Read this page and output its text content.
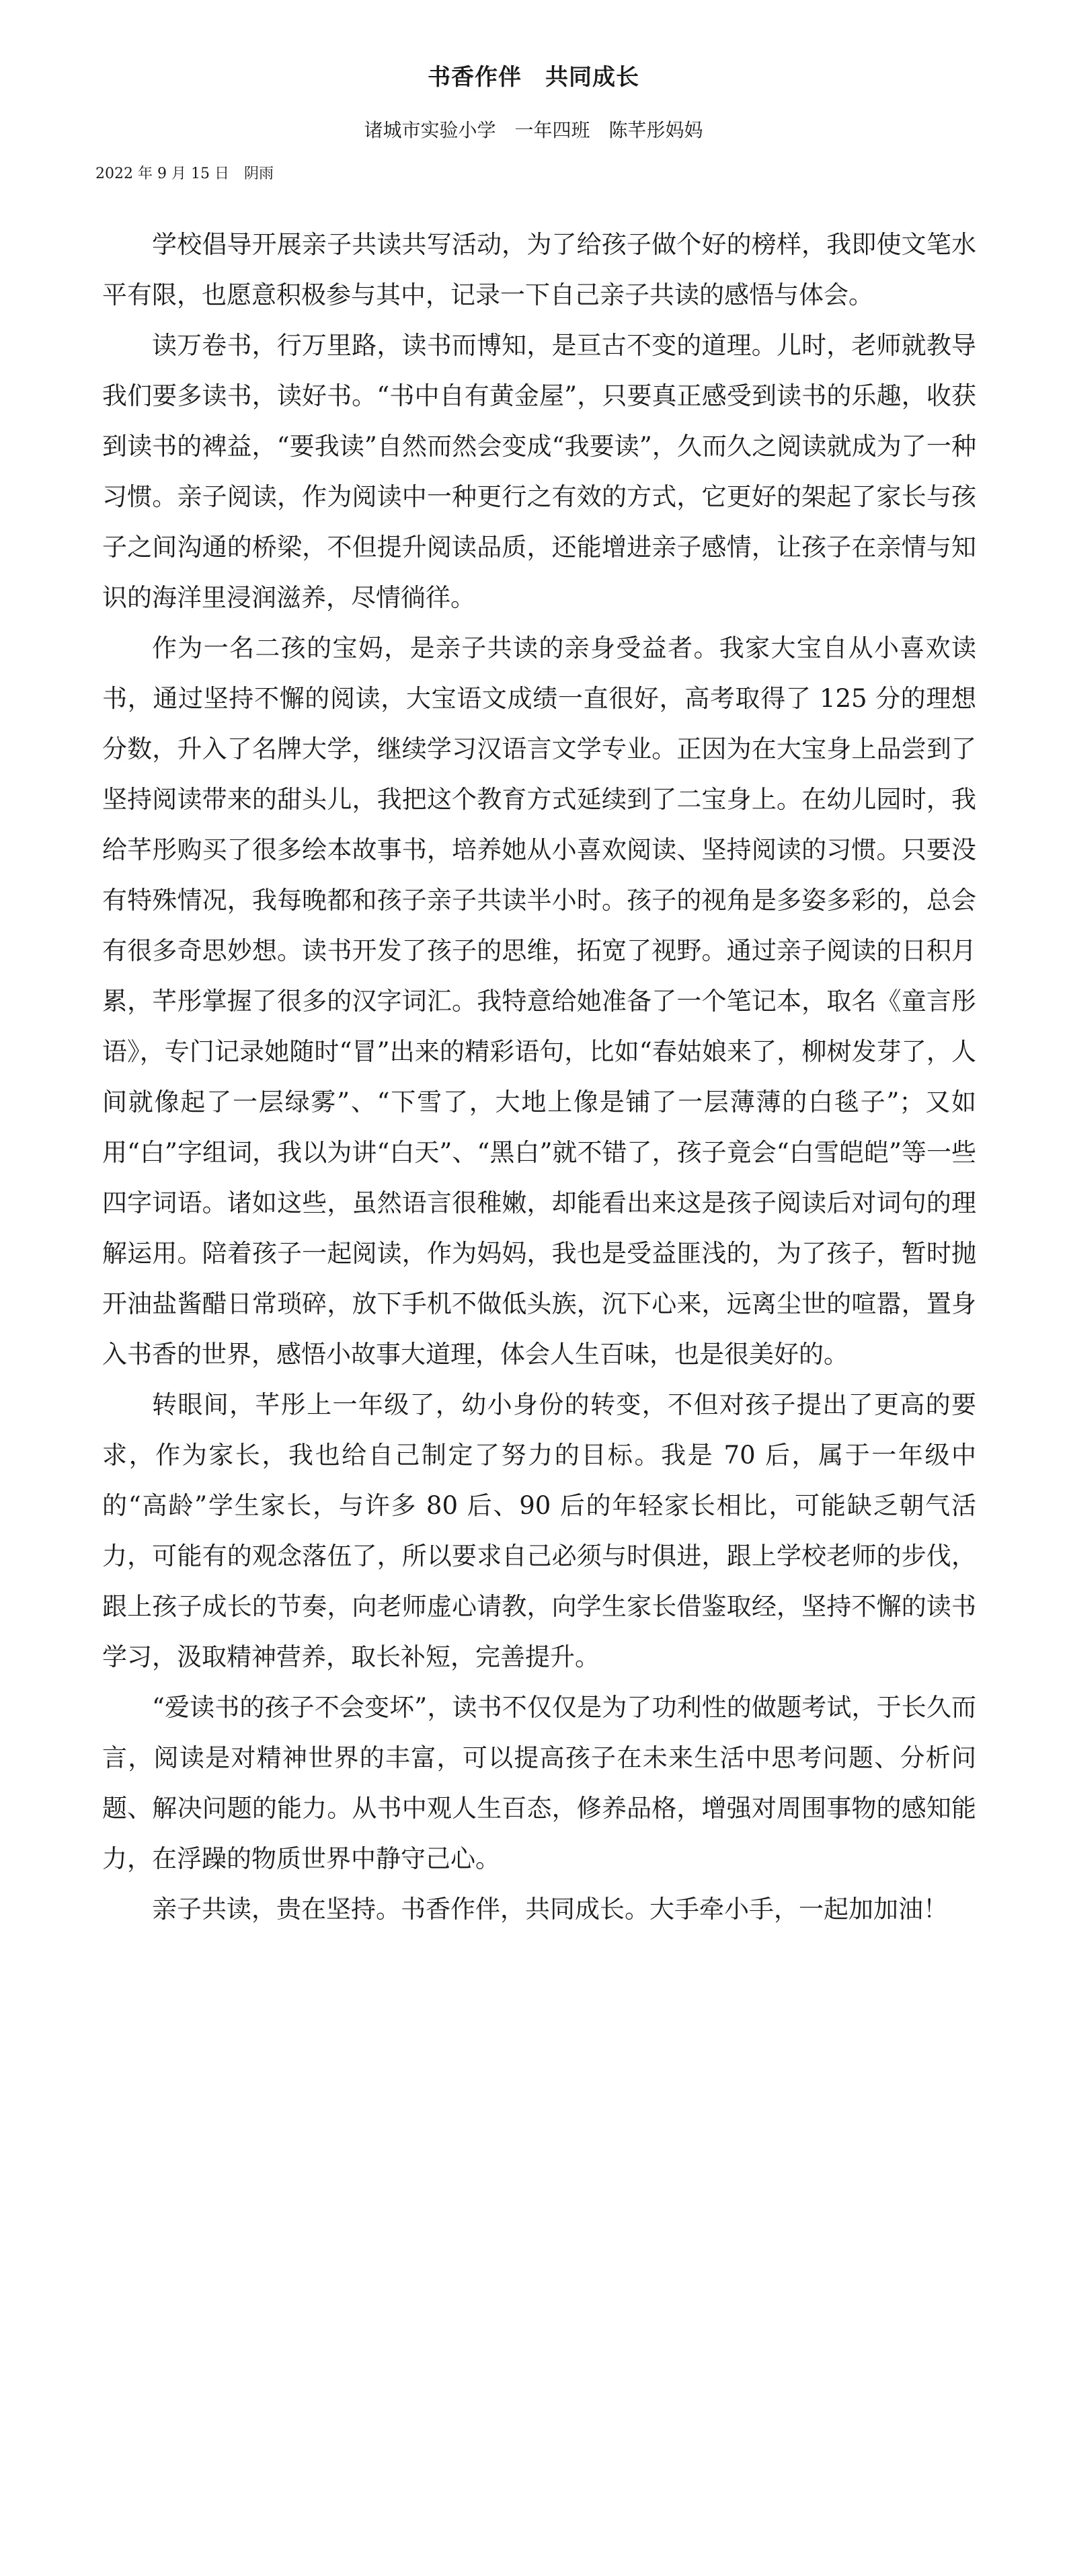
书香作伴　共同成长

诸城市实验小学　一年四班　陈芊彤妈妈

2022 年 9 月 15 日　阴雨

学校倡导开展亲子共读共写活动，为了给孩子做个好的榜样，我即使文笔水平有限，也愿意积极参与其中，记录一下自己亲子共读的感悟与体会。

读万卷书，行万里路，读书而博知，是亘古不变的道理。儿时，老师就教导我们要多读书，读好书。“书中自有黄金屋”，只要真正感受到读书的乐趣，收获到读书的裨益，“要我读”自然而然会变成“我要读”，久而久之阅读就成为了一种习惯。亲子阅读，作为阅读中一种更行之有效的方式，它更好的架起了家长与孩子之间沟通的桥梁，不但提升阅读品质，还能增进亲子感情，让孩子在亲情与知识的海洋里浸润滋养，尽情徜徉。

作为一名二孩的宝妈，是亲子共读的亲身受益者。我家大宝自从小喜欢读书，通过坚持不懈的阅读，大宝语文成绩一直很好，高考取得了 125 分的理想分数，升入了名牌大学，继续学习汉语言文学专业。正因为在大宝身上品尝到了坚持阅读带来的甜头儿，我把这个教育方式延续到了二宝身上。在幼儿园时，我给芊彤购买了很多绘本故事书，培养她从小喜欢阅读、坚持阅读的习惯。只要没有特殊情况，我每晚都和孩子亲子共读半小时。孩子的视角是多姿多彩的，总会有很多奇思妙想。读书开发了孩子的思维，拓宽了视野。通过亲子阅读的日积月累，芊彤掌握了很多的汉字词汇。我特意给她准备了一个笔记本，取名《童言彤语》，专门记录她随时“冒”出来的精彩语句，比如“春姑娘来了，柳树发芽了，人间就像起了一层绿雾”、“下雪了，大地上像是铺了一层薄薄的白毯子”；又如用“白”字组词，我以为讲“白天”、“黑白”就不错了，孩子竟会“白雪皑皑”等一些四字词语。诸如这些，虽然语言很稚嫩，却能看出来这是孩子阅读后对词句的理解运用。陪着孩子一起阅读，作为妈妈，我也是受益匪浅的，为了孩子，暂时抛开油盐酱醋日常琐碎，放下手机不做低头族，沉下心来，远离尘世的喧嚣，置身入书香的世界，感悟小故事大道理，体会人生百味，也是很美好的。

转眼间，芊彤上一年级了，幼小身份的转变，不但对孩子提出了更高的要求，作为家长，我也给自己制定了努力的目标。我是 70 后，属于一年级中的“高龄”学生家长，与许多 80 后、90 后的年轻家长相比，可能缺乏朝气活力，可能有的观念落伍了，所以要求自己必须与时俱进，跟上学校老师的步伐，跟上孩子成长的节奏，向老师虚心请教，向学生家长借鉴取经，坚持不懈的读书学习，汲取精神营养，取长补短，完善提升。

“爱读书的孩子不会变坏”，读书不仅仅是为了功利性的做题考试，于长久而言，阅读是对精神世界的丰富，可以提高孩子在未来生活中思考问题、分析问题、解决问题的能力。从书中观人生百态，修养品格，增强对周围事物的感知能力，在浮躁的物质世界中静守己心。

亲子共读，贵在坚持。书香作伴，共同成长。大手牵小手，一起加加油！
